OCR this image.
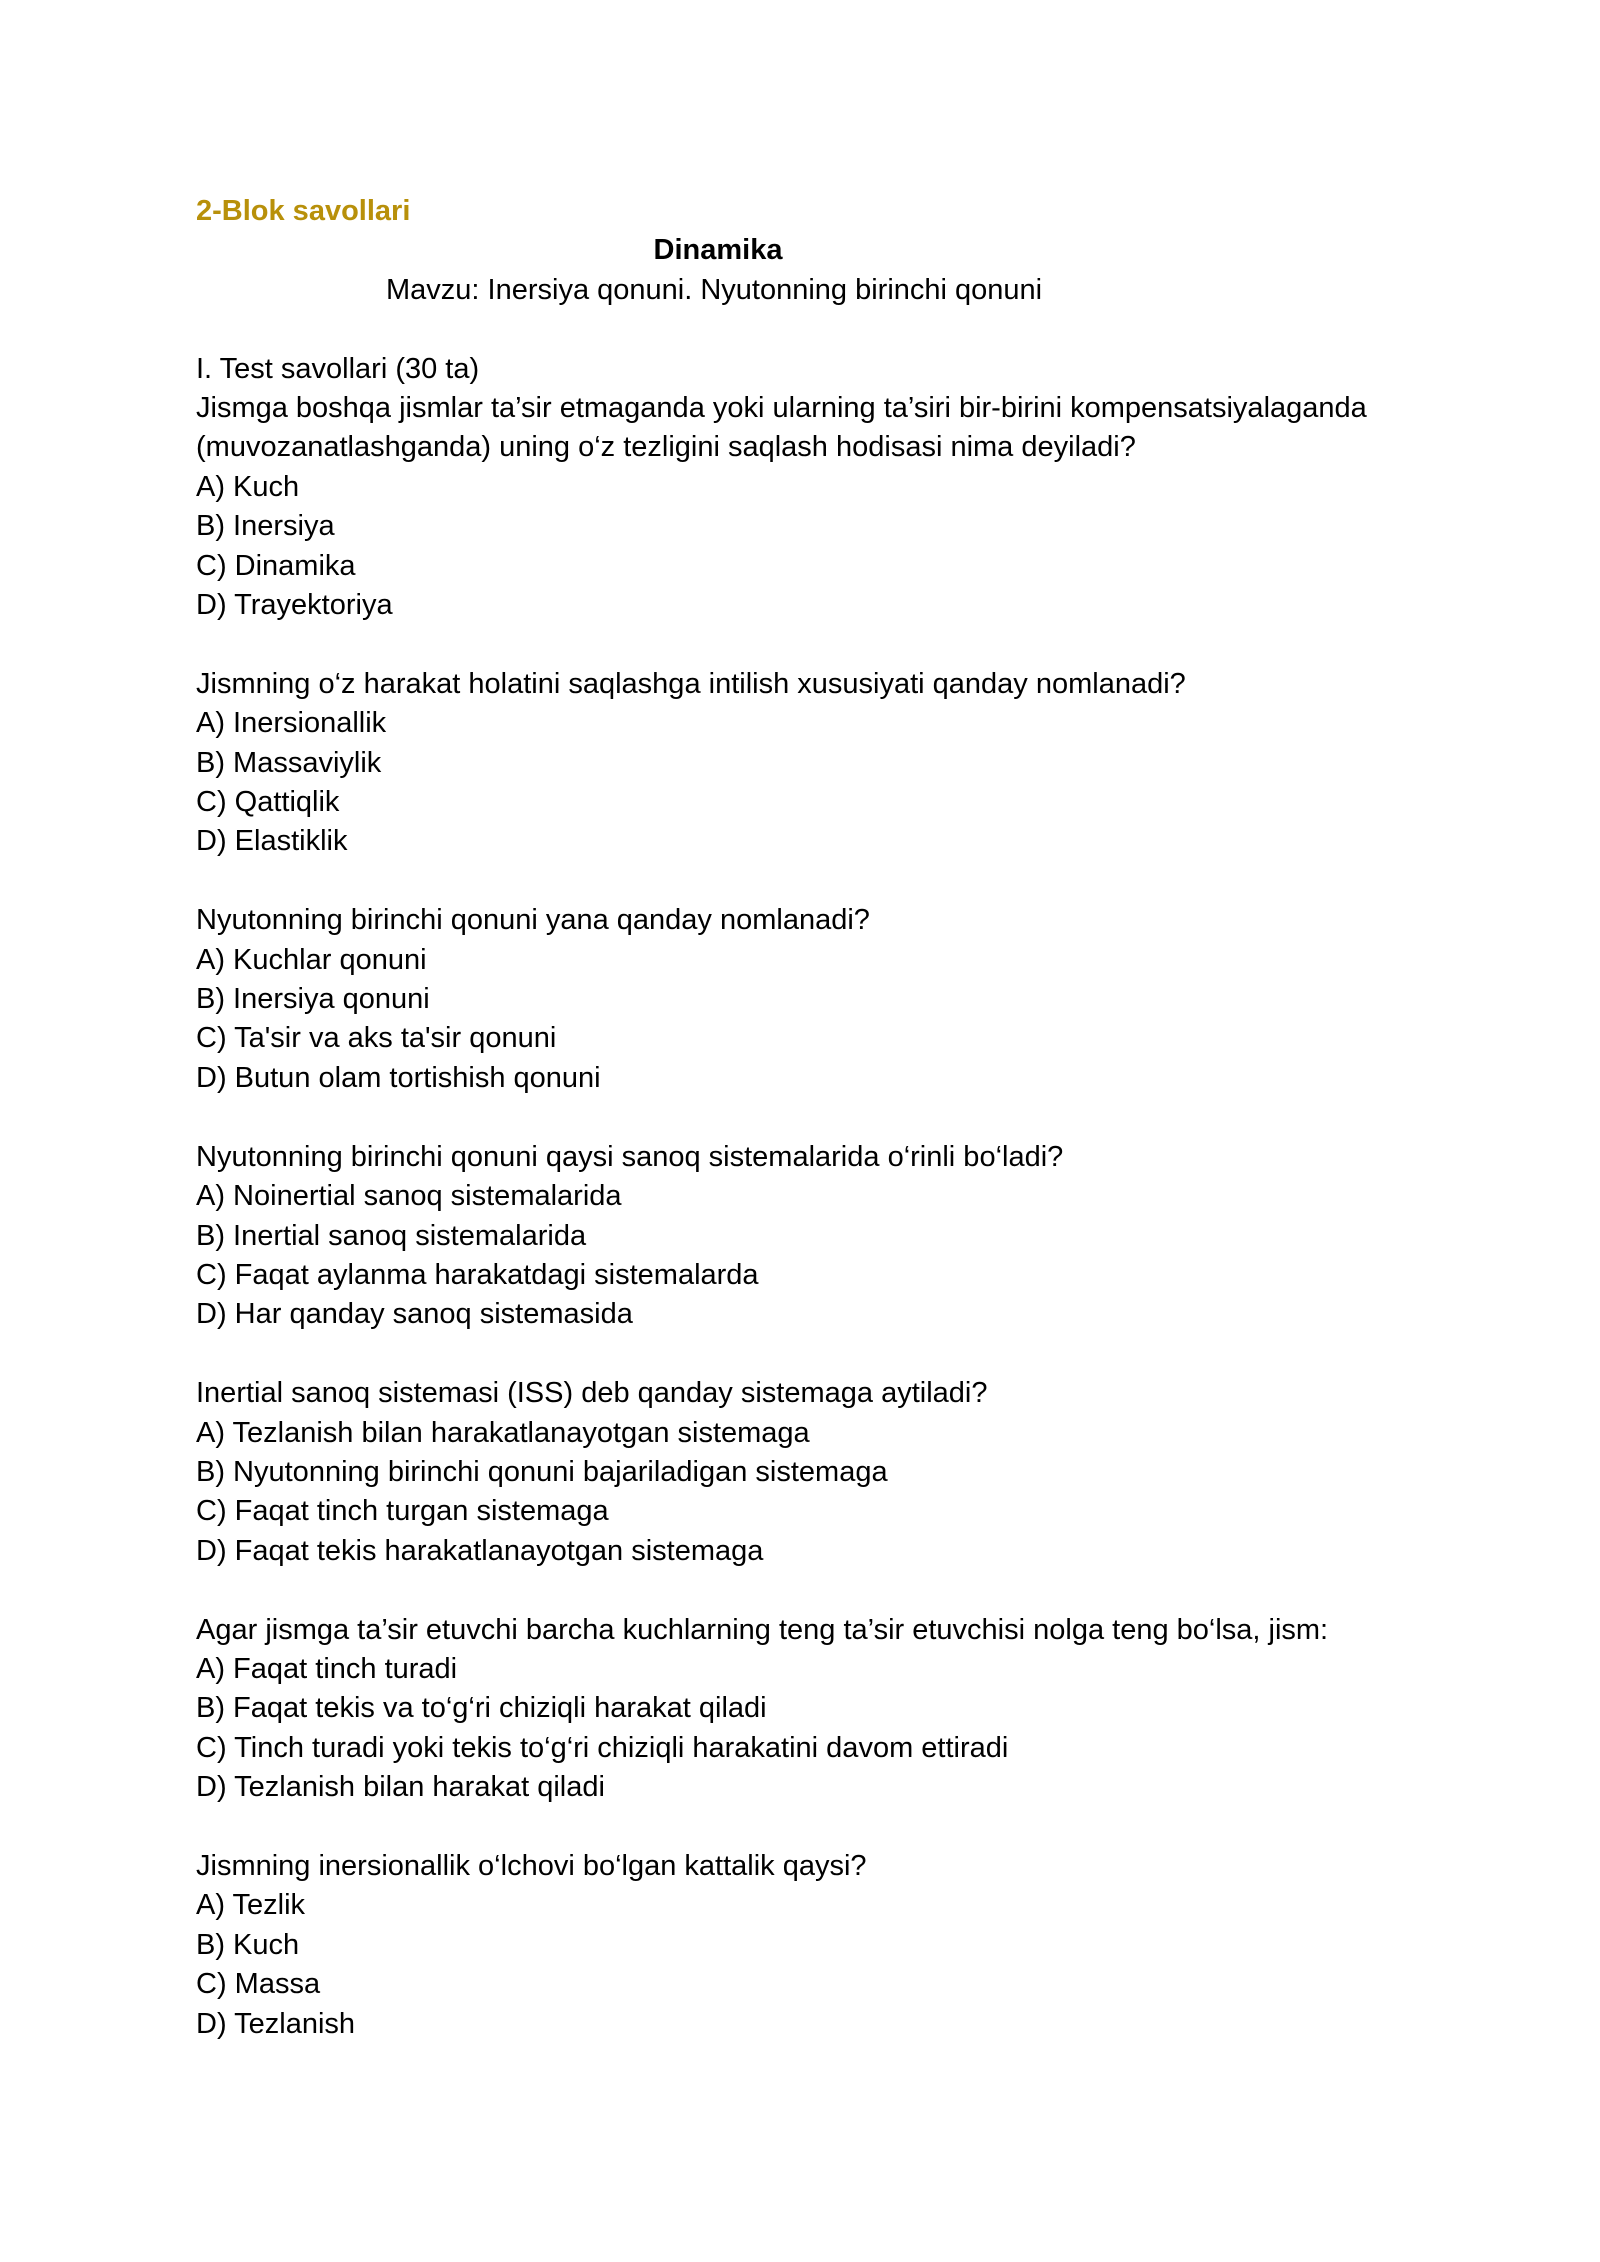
2-Blok savollari

Dinamika

Mavzu: Inersiya qonuni. Nyutonning birinchi qonuni

I. Test savollari (30 ta)

Jismga boshqa jismlar ta’sir etmaganda yoki ularning ta’siri bir-birini kompensatsiyalaganda (muvozanatlashganda) uning o‘z tezligini saqlash hodisasi nima deyiladi?

A) Kuch

B) Inersiya

C) Dinamika

D) Trayektoriya

Jismning o‘z harakat holatini saqlashga intilish xususiyati qanday nomlanadi?

A) Inersionallik

B) Massaviylik

C) Qattiqlik

D) Elastiklik

Nyutonning birinchi qonuni yana qanday nomlanadi?

A) Kuchlar qonuni

B) Inersiya qonuni

C) Ta'sir va aks ta'sir qonuni

D) Butun olam tortishish qonuni

Nyutonning birinchi qonuni qaysi sanoq sistemalarida o‘rinli bo‘ladi?

A) Noinertial sanoq sistemalarida

B) Inertial sanoq sistemalarida

C) Faqat aylanma harakatdagi sistemalarda

D) Har qanday sanoq sistemasida

Inertial sanoq sistemasi (ISS) deb qanday sistemaga aytiladi?

A) Tezlanish bilan harakatlanayotgan sistemaga

B) Nyutonning birinchi qonuni bajariladigan sistemaga

C) Faqat tinch turgan sistemaga

D) Faqat tekis harakatlanayotgan sistemaga

Agar jismga ta’sir etuvchi barcha kuchlarning teng ta’sir etuvchisi nolga teng bo‘lsa, jism:

A) Faqat tinch turadi

B) Faqat tekis va to‘g‘ri chiziqli harakat qiladi

C) Tinch turadi yoki tekis to‘g‘ri chiziqli harakatini davom ettiradi

D) Tezlanish bilan harakat qiladi

Jismning inersionallik o‘lchovi bo‘lgan kattalik qaysi?

A) Tezlik

B) Kuch

C) Massa

D) Tezlanish
